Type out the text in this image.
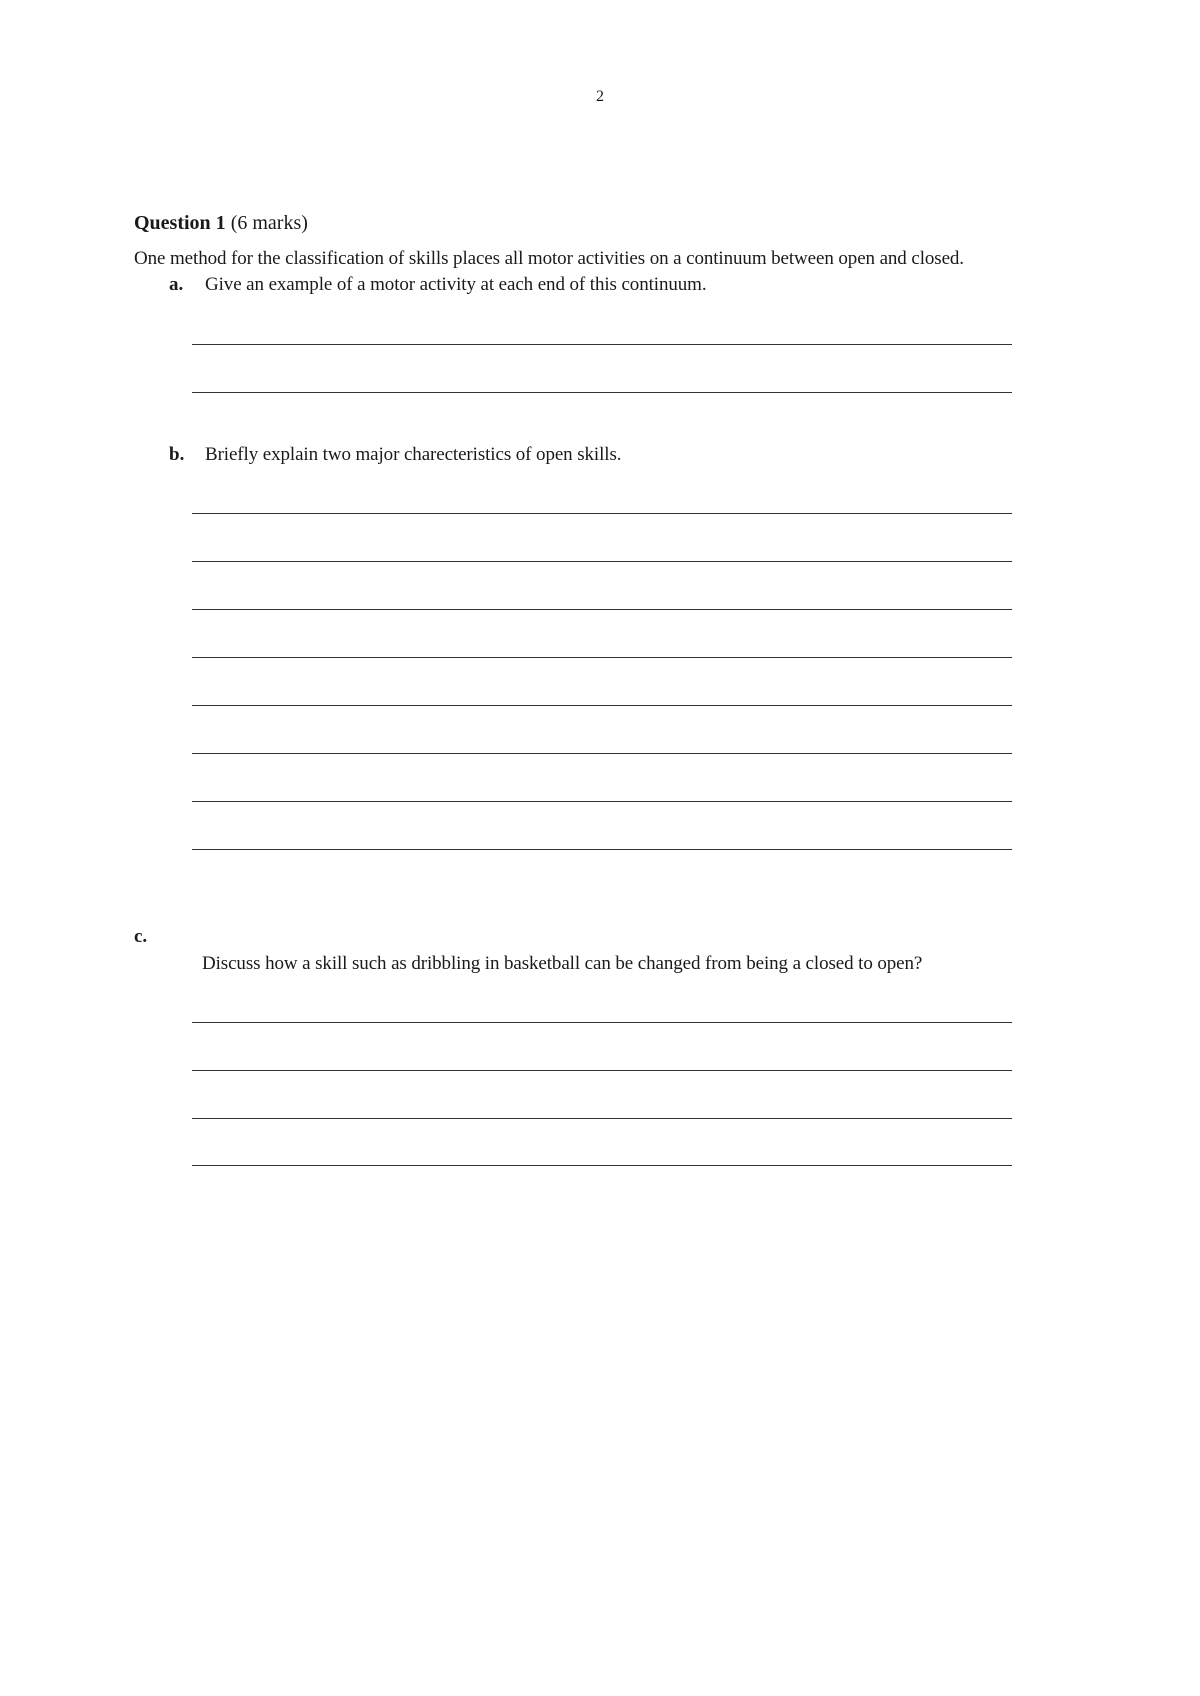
2
Question 1 (6 marks)
One method for the classification of skills places all motor activities on a continuum between open and closed.
a. Give an example of a motor activity at each end of this continuum.
b. Briefly explain two major charecteristics of open skills.
c.
Discuss how a skill such as dribbling in basketball can be changed from being a closed to open?
